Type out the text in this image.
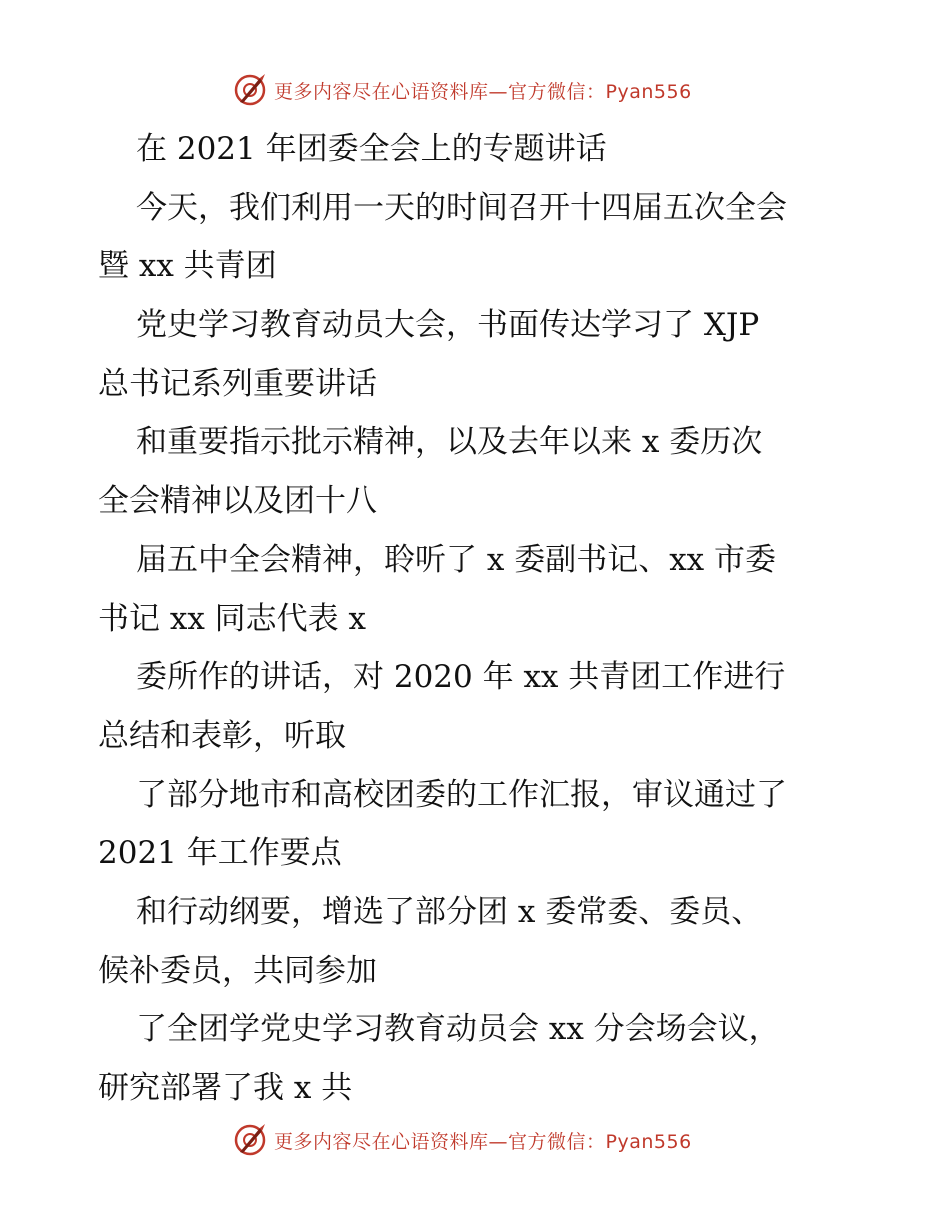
更多内容尽在心语资料库—官方微信：Pyan556
在 2021 年团委全会上的专题讲话
今天，我们利用一天的时间召开十四届五次全会
暨 xx 共青团
党史学习教育动员大会，书面传达学习了 XJP
总书记系列重要讲话
和重要指示批示精神，以及去年以来 x 委历次
全会精神以及团十八
届五中全会精神，聆听了 x 委副书记、xx 市委
书记 xx 同志代表 x
委所作的讲话，对 2020 年 xx 共青团工作进行
总结和表彰，听取
了部分地市和高校团委的工作汇报，审议通过了
2021 年工作要点
和行动纲要，增选了部分团 x 委常委、委员、
候补委员，共同参加
了全团学党史学习教育动员会 xx 分会场会议，
研究部署了我 x 共
更多内容尽在心语资料库—官方微信：Pyan556
